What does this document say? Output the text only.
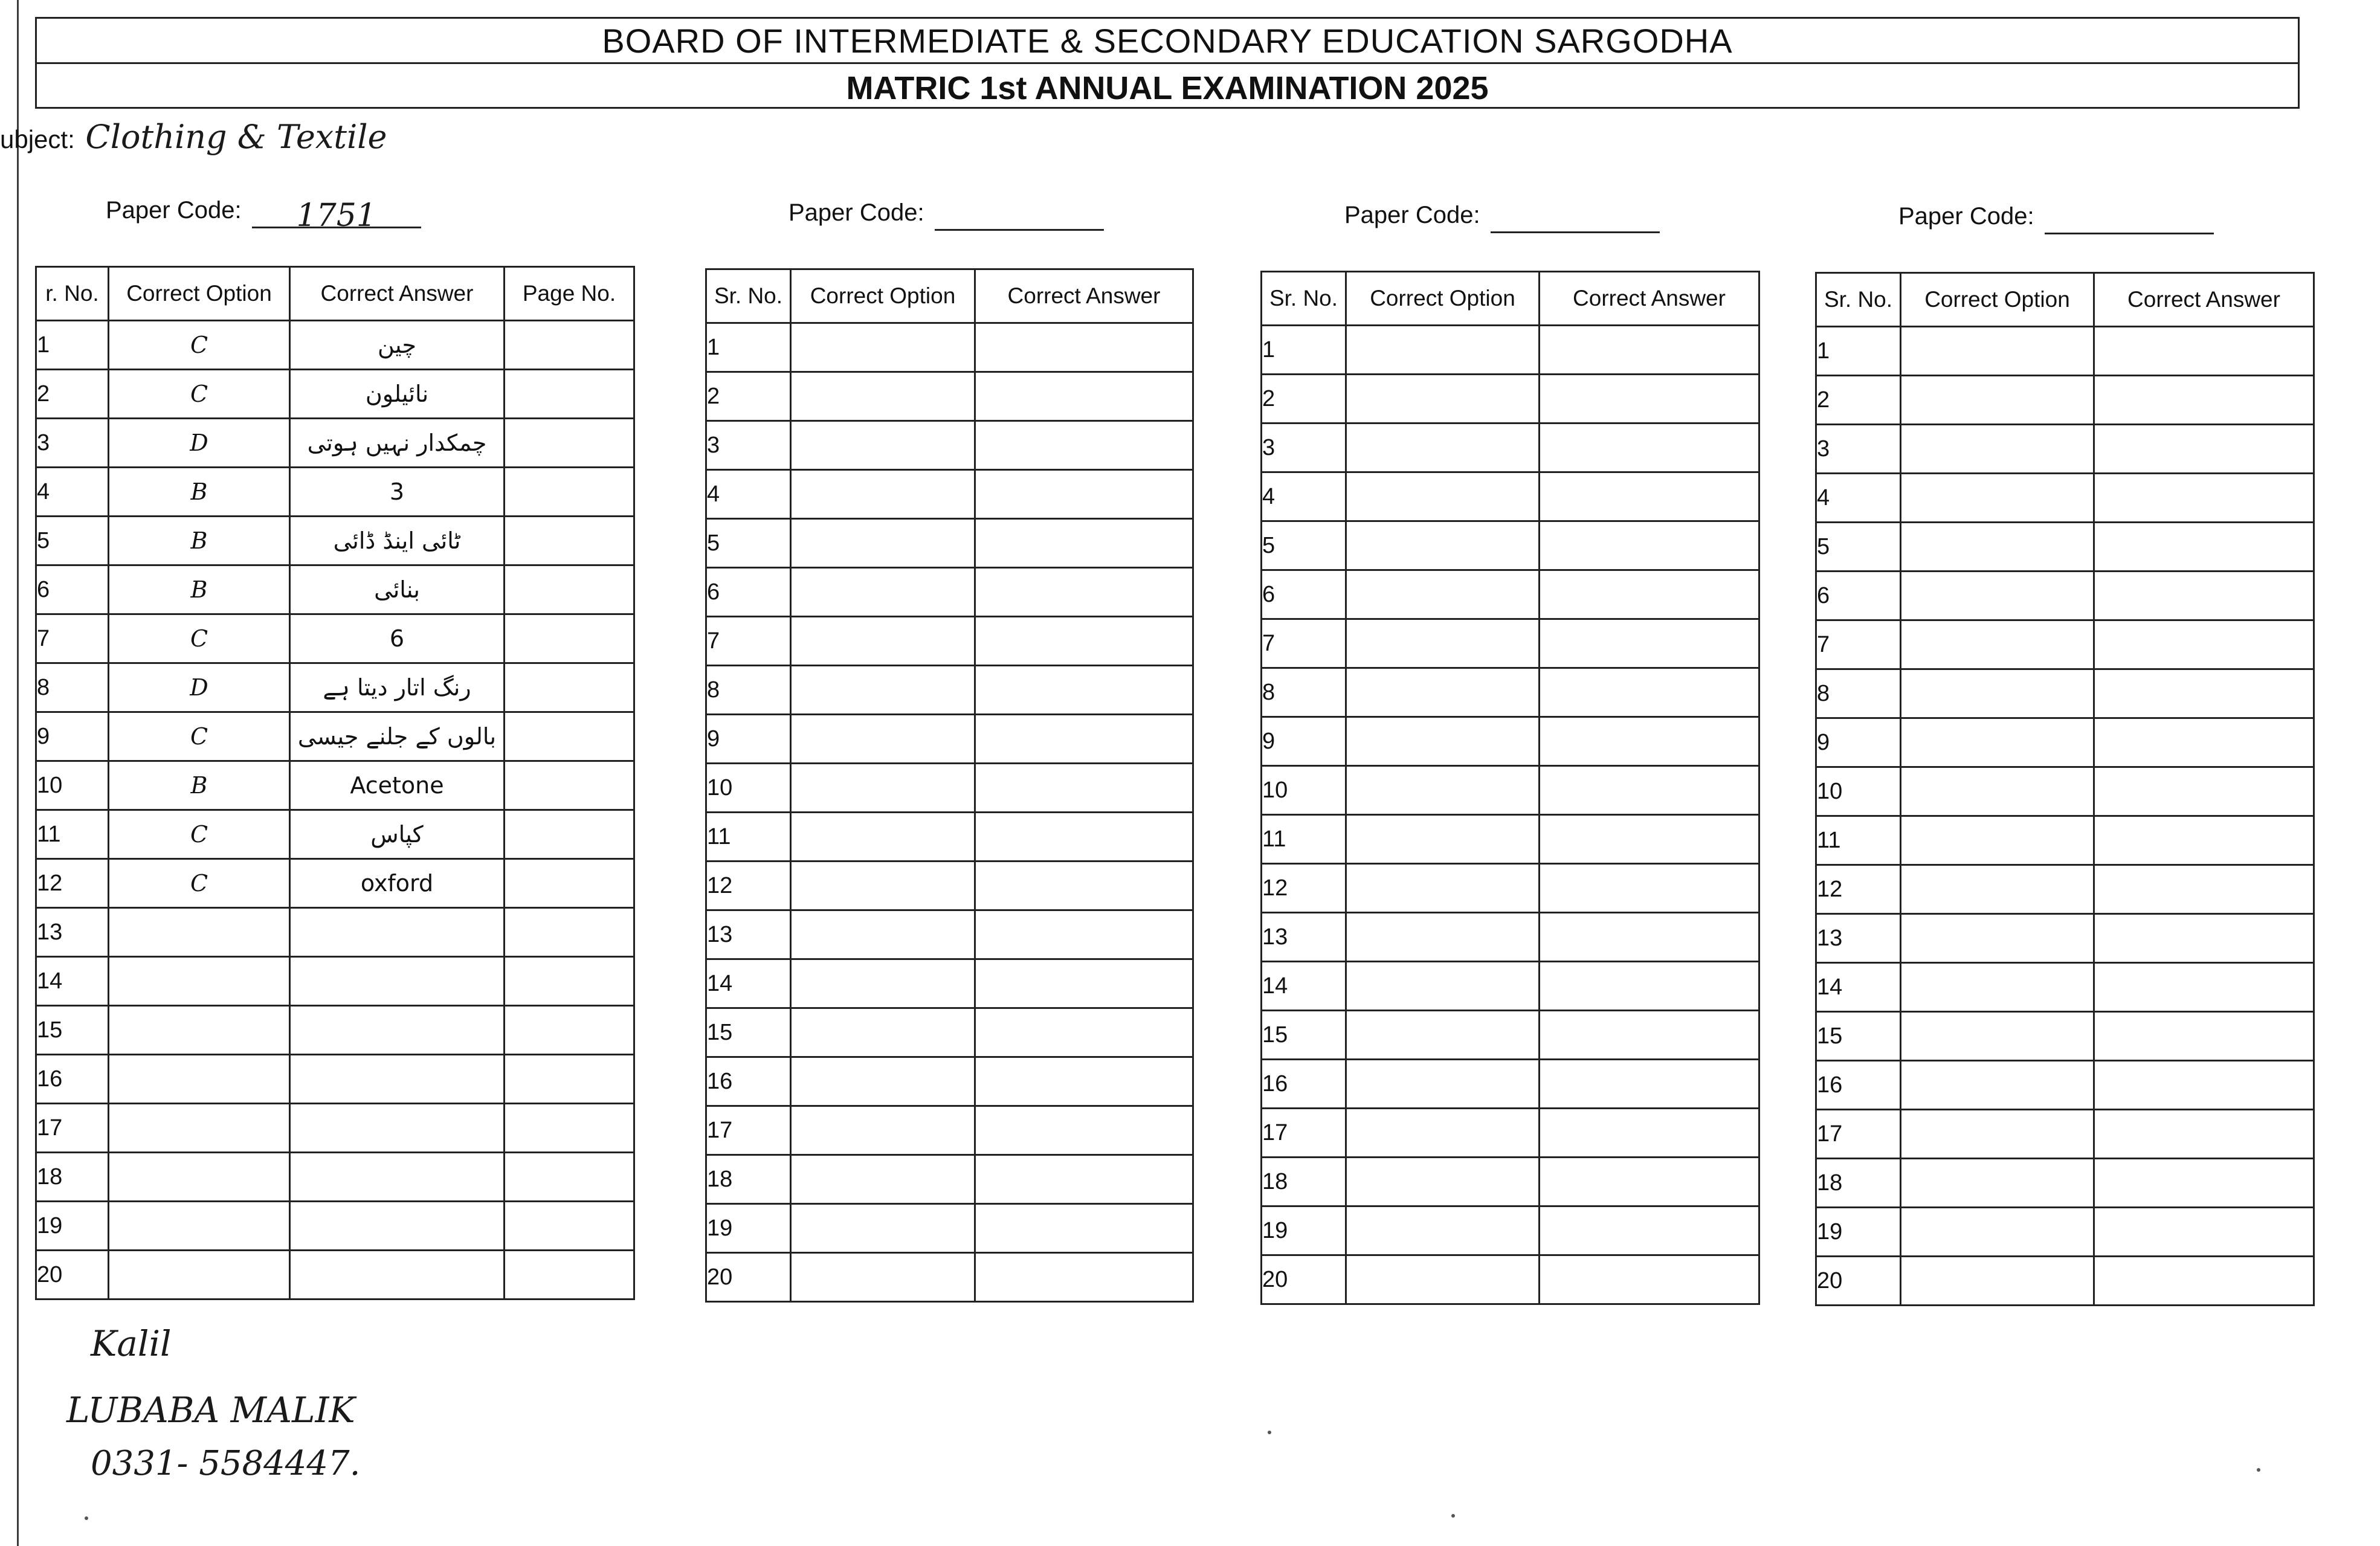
BOARD OF INTERMEDIATE & SECONDARY EDUCATION SARGODHA
MATRIC 1st ANNUAL EXAMINATION 2025
ubject: Clothing & Textile
Paper Code: 1751	Paper Code:	Paper Code:	Paper Code:
r. No.	Correct Option	Correct Answer	Page No.
1	C	چین	
2	C	نائیلون	
3	D	چمکدار نہیں ہوتی	
4	B	3	
5	B	ٹائی اینڈ ڈائی	
6	B	بنائی	
7	C	6	
8	D	رنگ اتار دیتا ہے	
9	C	بالوں کے جلنے جیسی	
10	B	Acetone	
11	C	کپاس	
12	C	oxford	
13			
14			
15			
16			
17			
18			
19			
20			
Sr. No.	Correct Option	Correct Answer
1		
2		
3		
4		
5		
6		
7		
8		
9		
10		
11		
12		
13		
14		
15		
16		
17		
18		
19		
20		
Sr. No.	Correct Option	Correct Answer
1		
2		
3		
4		
5		
6		
7		
8		
9		
10		
11		
12		
13		
14		
15		
16		
17		
18		
19		
20		
Sr. No.	Correct Option	Correct Answer
1		
2		
3		
4		
5		
6		
7		
8		
9		
10		
11		
12		
13		
14		
15		
16		
17		
18		
19		
20		
Kalil
LUBABA MALIK
0331- 5584447.
